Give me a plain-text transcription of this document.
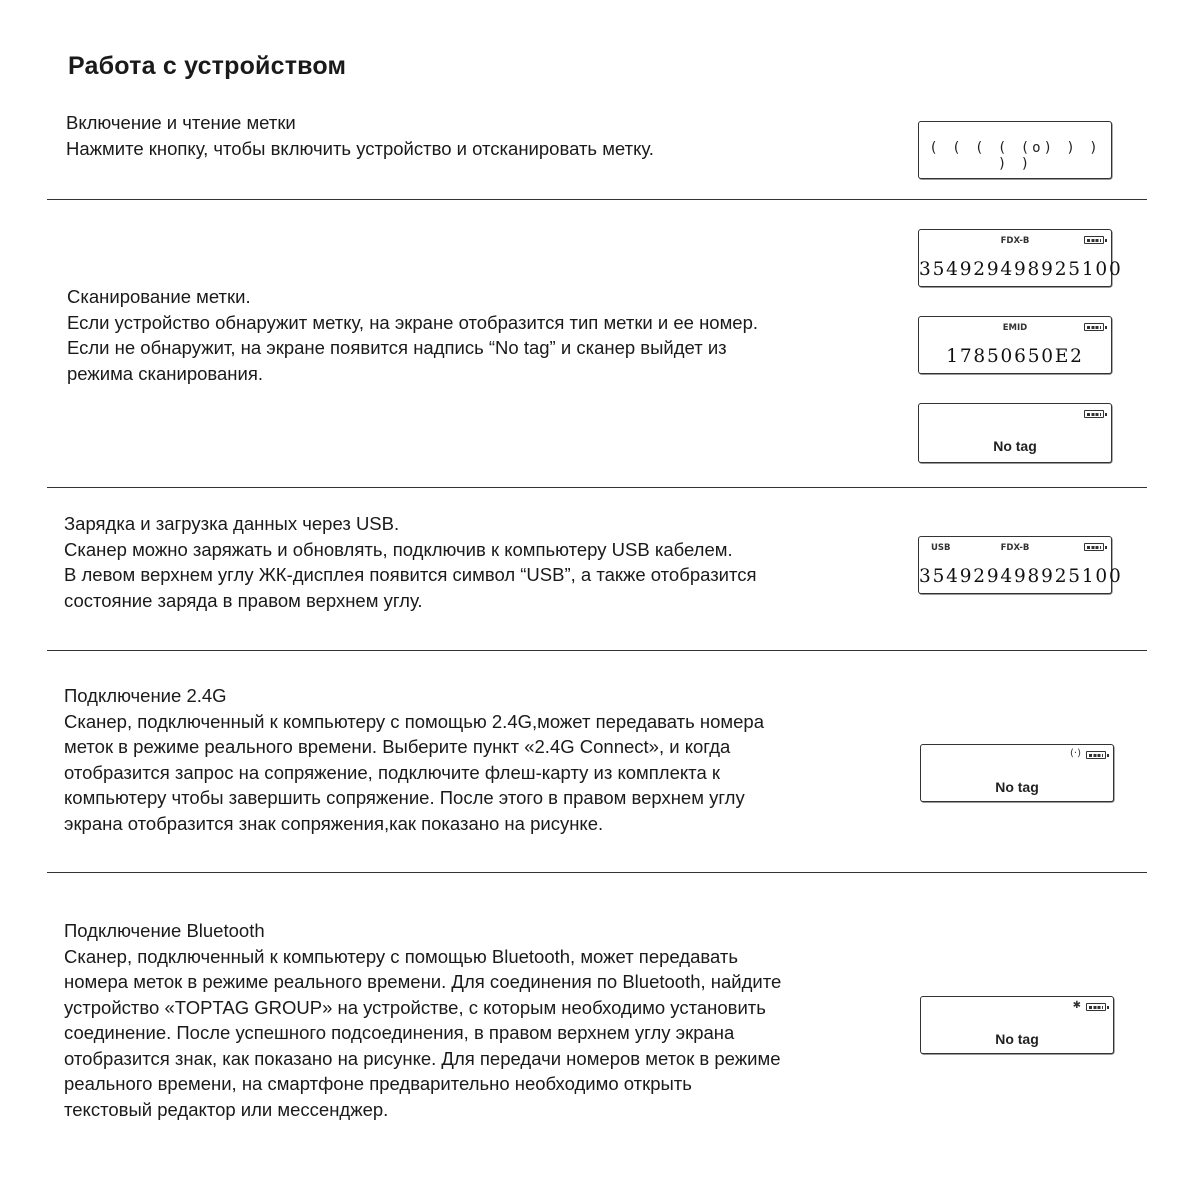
Работа с устройством
Включение и чтение метки
Нажмите кнопку, чтобы включить устройство и отсканировать метку.	( ( ( ( (o) ) ) ) )
Сканирование метки.
Если устройство обнаружит метку, на экране отобразится тип метки и ее номер.
Если не обнаружит, на экране появится надпись “No tag” и сканер выйдет из
режима сканирования.
FDX-B
354929498925100
EMID
17850650E2
No tag
Зарядка и загрузка данных через USB.
Сканер можно заряжать и обновлять, подключив к компьютеру USB кабелем.
В левом верхнем углу ЖК-дисплея появится символ “USB”, а также отобразится
состояние заряда в правом верхнем углу.
USB	FDX-B
354929498925100
Подключение 2.4G
Сканер, подключенный к компьютеру с помощью 2.4G,может передавать номера
меток в режиме реального времени. Выберите пункт «2.4G Connect», и когда
отобразится запрос на сопряжение, подключите флеш-карту из комплекта к
компьютеру чтобы завершить сопряжение. После этого в правом верхнем углу
экрана отобразится знак сопряжения,как показано на рисунке.
(·)
No tag
Подключение Bluetooth
Сканер, подключенный к компьютеру с помощью Bluetooth, может передавать
номера меток в режиме реального времени. Для соединения по Bluetooth, найдите
устройство «TOPTAG GROUP» на устройстве, с которым необходимо установить
соединение. После успешного подсоединения, в правом верхнем углу экрана
отобразится знак, как показано на рисунке. Для передачи номеров меток в режиме
реального времени, на смартфоне предварительно необходимо открыть
текстовый редактор или мессенджер.
✱
No tag
